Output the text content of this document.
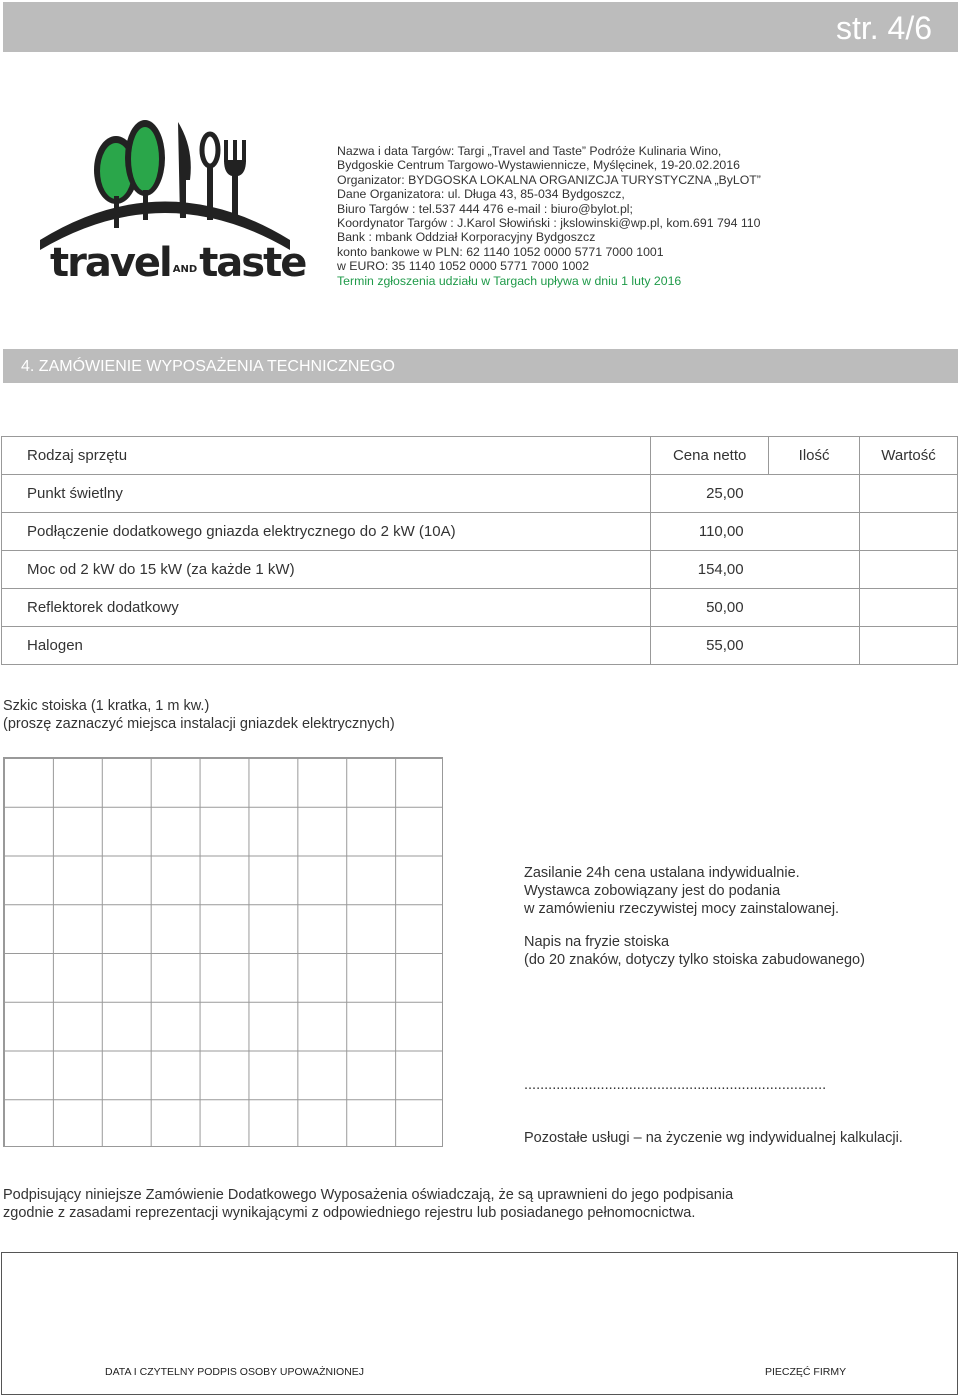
str. 4/6
travel ANDtaste
Nazwa i data Targów: Targi „Travel and Taste” Podróże Kulinaria Wino,
Bydgoskie Centrum Targowo-Wystawiennicze, Myślęcinek, 19-20.02.2016
Organizator: BYDGOSKA LOKALNA ORGANIZCJA TURYSTYCZNA „ByLOT”
Dane Organizatora: ul. Długa 43, 85-034 Bydgoszcz,
Biuro Targów : tel.537 444 476 e-mail : biuro@bylot.pl;
Koordynator Targów : J.Karol Słowiński : jkslowinski@wp.pl, kom.691 794 110
Bank : mbank Oddział Korporacyjny Bydgoszcz
konto bankowe w PLN: 62 1140 1052 0000 5771 7000 1001
w EURO: 35 1140 1052 0000 5771 7000 1002
Termin zgłoszenia udziału w Targach upływa w dniu 1 luty 2016
4. ZAMÓWIENIE WYPOSAŻENIA TECHNICZNEGO
Rodzaj sprzętu	Cena netto	Ilość	Wartość
Punkt świetlny	25,00		
Podłączenie dodatkowego gniazda elektrycznego do 2 kW (10A)	110,00		
Moc od 2 kW do 15 kW (za każde 1 kW)	154,00		
Reflektorek dodatkowy	50,00		
Halogen	55,00		
Szkic stoiska (1 kratka, 1 m kw.)
(proszę zaznaczyć miejsca instalacji gniazdek elektrycznych)
Zasilanie 24h cena ustalana indywidualnie.
Wystawca zobowiązany jest do podania
w zamówieniu rzeczywistej mocy zainstalowanej.
Napis na fryzie stoiska
(do 20 znaków, dotyczy tylko stoiska zabudowanego)
...........................................................................
Pozostałe usługi – na życzenie wg indywidualnej kalkulacji.
Podpisujący niniejsze Zamówienie Dodatkowego Wyposażenia oświadczają, że są uprawnieni do jego podpisania
zgodnie z zasadami reprezentacji wynikającymi z odpowiedniego rejestru lub posiadanego pełnomocnictwa.
DATA I CZYTELNY PODPIS OSOBY UPOWAŻNIONEJ	PIECZĘĆ FIRMY
